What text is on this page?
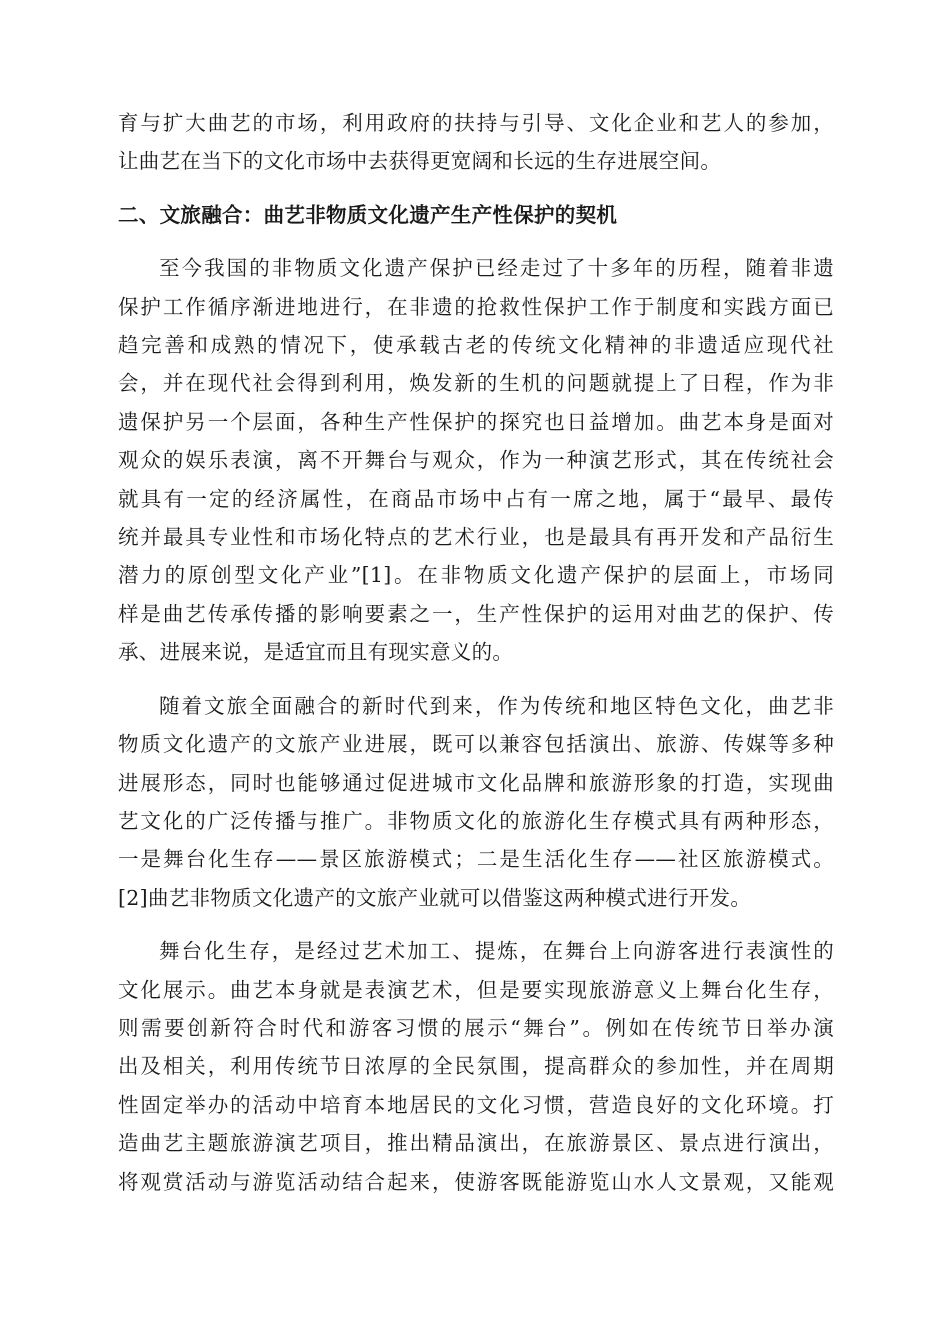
育与扩大曲艺的市场，利用政府的扶持与引导、文化企业和艺人的参加，
让曲艺在当下的文化市场中去获得更宽阔和长远的生存进展空间。
二、文旅融合：曲艺非物质文化遗产生产性保护的契机
至今我国的非物质文化遗产保护已经走过了十多年的历程，随着非遗
保护工作循序渐进地进行，在非遗的抢救性保护工作于制度和实践方面已
趋完善和成熟的情况下，使承载古老的传统文化精神的非遗适应现代社
会，并在现代社会得到利用，焕发新的生机的问题就提上了日程，作为非
遗保护另一个层面，各种生产性保护的探究也日益增加。曲艺本身是面对
观众的娱乐表演，离不开舞台与观众，作为一种演艺形式，其在传统社会
就具有一定的经济属性，在商品市场中占有一席之地，属于“最早、最传
统并最具专业性和市场化特点的艺术行业，也是最具有再开发和产品衍生
潜力的原创型文化产业”[1]。在非物质文化遗产保护的层面上，市场同
样是曲艺传承传播的影响要素之一，生产性保护的运用对曲艺的保护、传
承、进展来说，是适宜而且有现实意义的。
随着文旅全面融合的新时代到来，作为传统和地区特色文化，曲艺非
物质文化遗产的文旅产业进展，既可以兼容包括演出、旅游、传媒等多种
进展形态，同时也能够通过促进城市文化品牌和旅游形象的打造，实现曲
艺文化的广泛传播与推广。非物质文化的旅游化生存模式具有两种形态，
一是舞台化生存——景区旅游模式；二是生活化生存——社区旅游模式。
[2]曲艺非物质文化遗产的文旅产业就可以借鉴这两种模式进行开发。
舞台化生存，是经过艺术加工、提炼，在舞台上向游客进行表演性的
文化展示。曲艺本身就是表演艺术，但是要实现旅游意义上舞台化生存，
则需要创新符合时代和游客习惯的展示“舞台”。例如在传统节日举办演
出及相关，利用传统节日浓厚的全民氛围，提高群众的参加性，并在周期
性固定举办的活动中培育本地居民的文化习惯，营造良好的文化环境。打
造曲艺主题旅游演艺项目，推出精品演出，在旅游景区、景点进行演出，
将观赏活动与游览活动结合起来，使游客既能游览山水人文景观，又能观
